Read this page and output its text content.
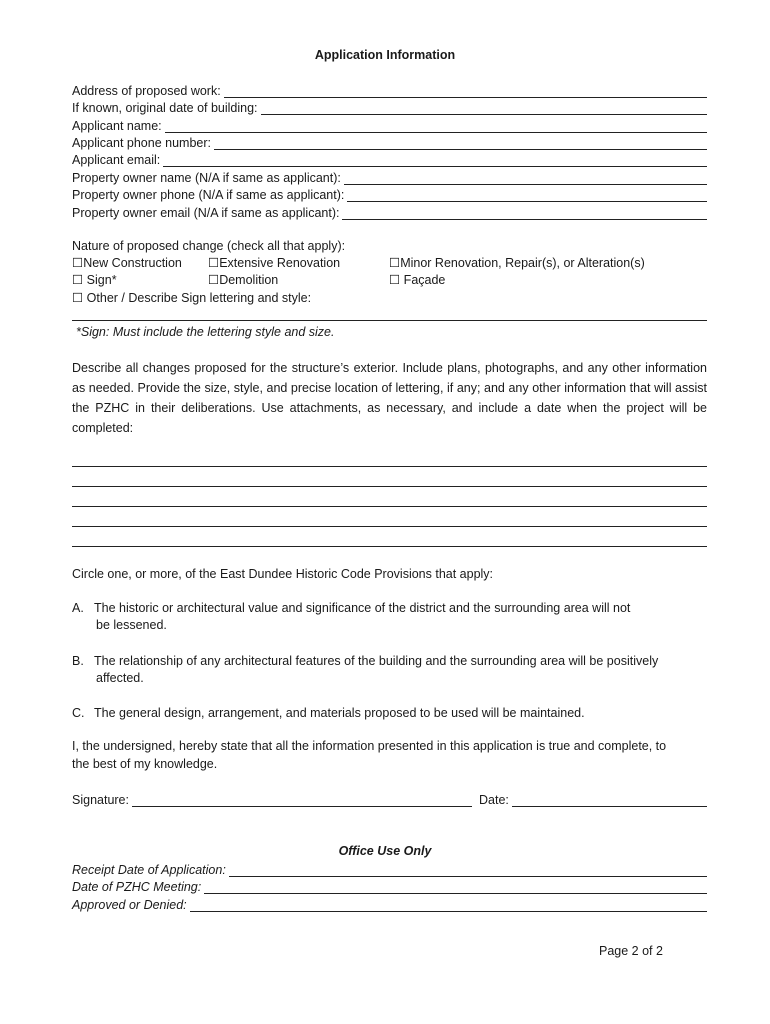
Application Information
Address of proposed work:
If known, original date of building:
Applicant name:
Applicant phone number:
Applicant email:
Property owner name (N/A if same as applicant):
Property owner phone (N/A if same as applicant):
Property owner email (N/A if same as applicant):
Nature of proposed change (check all that apply):
☐New Construction ☐Extensive Renovation	☐Minor Renovation, Repair(s), or Alteration(s)
☐ Sign*	☐Demolition	☐ Façade
☐ Other / Describe Sign lettering and style:
*Sign: Must include the lettering style and size.
Describe all changes proposed for the structure’s exterior. Include plans, photographs, and any other information as needed. Provide the size, style, and precise location of lettering, if any; and any other information that will assist the PZHC in their deliberations. Use attachments, as necessary, and include a date when the project will be completed:
Circle one, or more, of the East Dundee Historic Code Provisions that apply:
A. The historic or architectural value and significance of the district and the surrounding area will not
be lessened.
B. The relationship of any architectural features of the building and the surrounding area will be positively
affected.
C. The general design, arrangement, and materials proposed to be used will be maintained.
I, the undersigned, hereby state that all the information presented in this application is true and complete, to
the best of my knowledge.
Signature:	Date:
Office Use Only
Receipt Date of Application:
Date of PZHC Meeting:
Approved or Denied:
Page 2 of 2
